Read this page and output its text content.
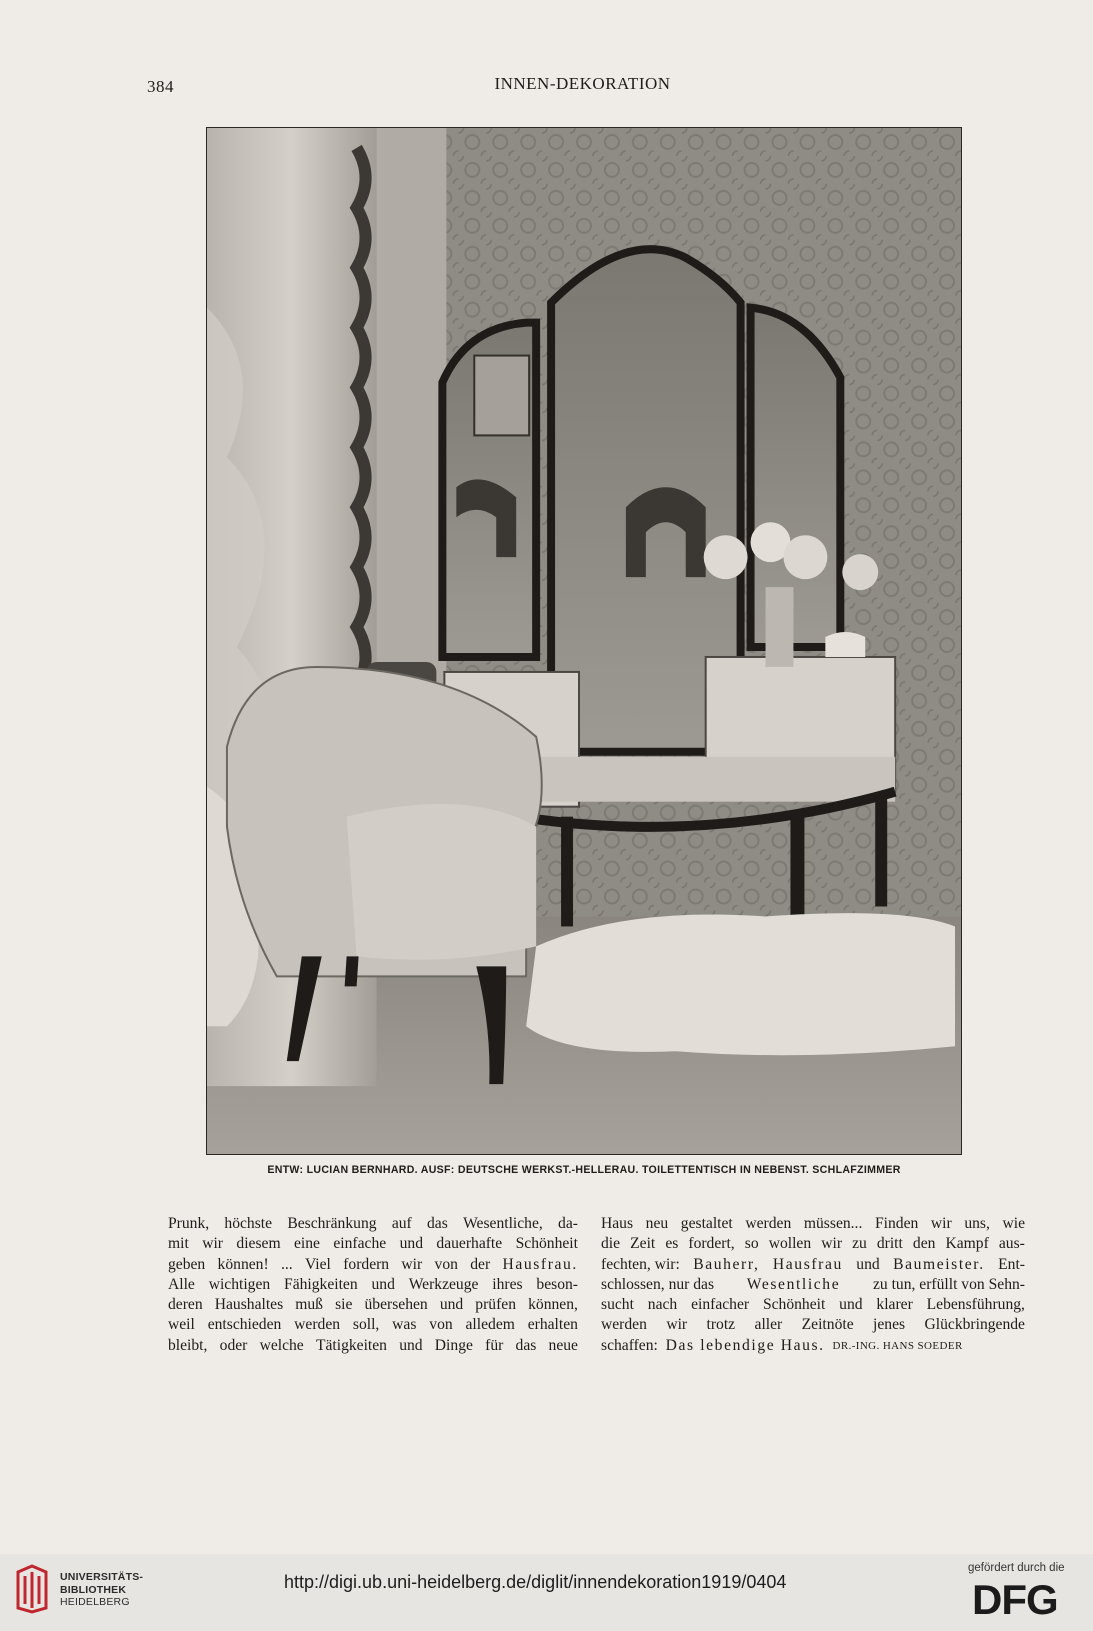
384	INNEN-DEKORATION
ENTW: LUCIAN BERNHARD. AUSF: DEUTSCHE WERKST.-HELLERAU. TOILETTENTISCH IN NEBENST. SCHLAFZIMMER
Prunk, höchste Beschränkung auf das Wesentliche, da-
mit wir diesem eine einfache und dauerhafte Schönheit
geben können! ... Viel fordern wir von der Hausfrau.
Alle wichtigen Fähigkeiten und Werkzeuge ihres beson-
deren Haushaltes muß sie übersehen und prüfen können,
weil entschieden werden soll, was von alledem erhalten
bleibt, oder welche Tätigkeiten und Dinge für das neue
Haus neu gestaltet werden müssen... Finden wir uns, wie
die Zeit es fordert, so wollen wir zu dritt den Kampf aus-
fechten, wir: Bauherr, Hausfrau und Baumeister. Ent-
schlossen, nur das Wesentliche zu tun, erfüllt von Sehn-
sucht nach einfacher Schönheit und klarer Lebensführung,
werden wir trotz aller Zeitnöte jenes Glückbringende
schaffen:
Das lebendige Haus.
DR.-ING. HANS SOEDER
UNIVERSITÄTS-
BIBLIOTHEK
HEIDELBERG
http://digi.ub.uni-heidelberg.de/diglit/innendekoration1919/0404
gefördert durch die
DFG
